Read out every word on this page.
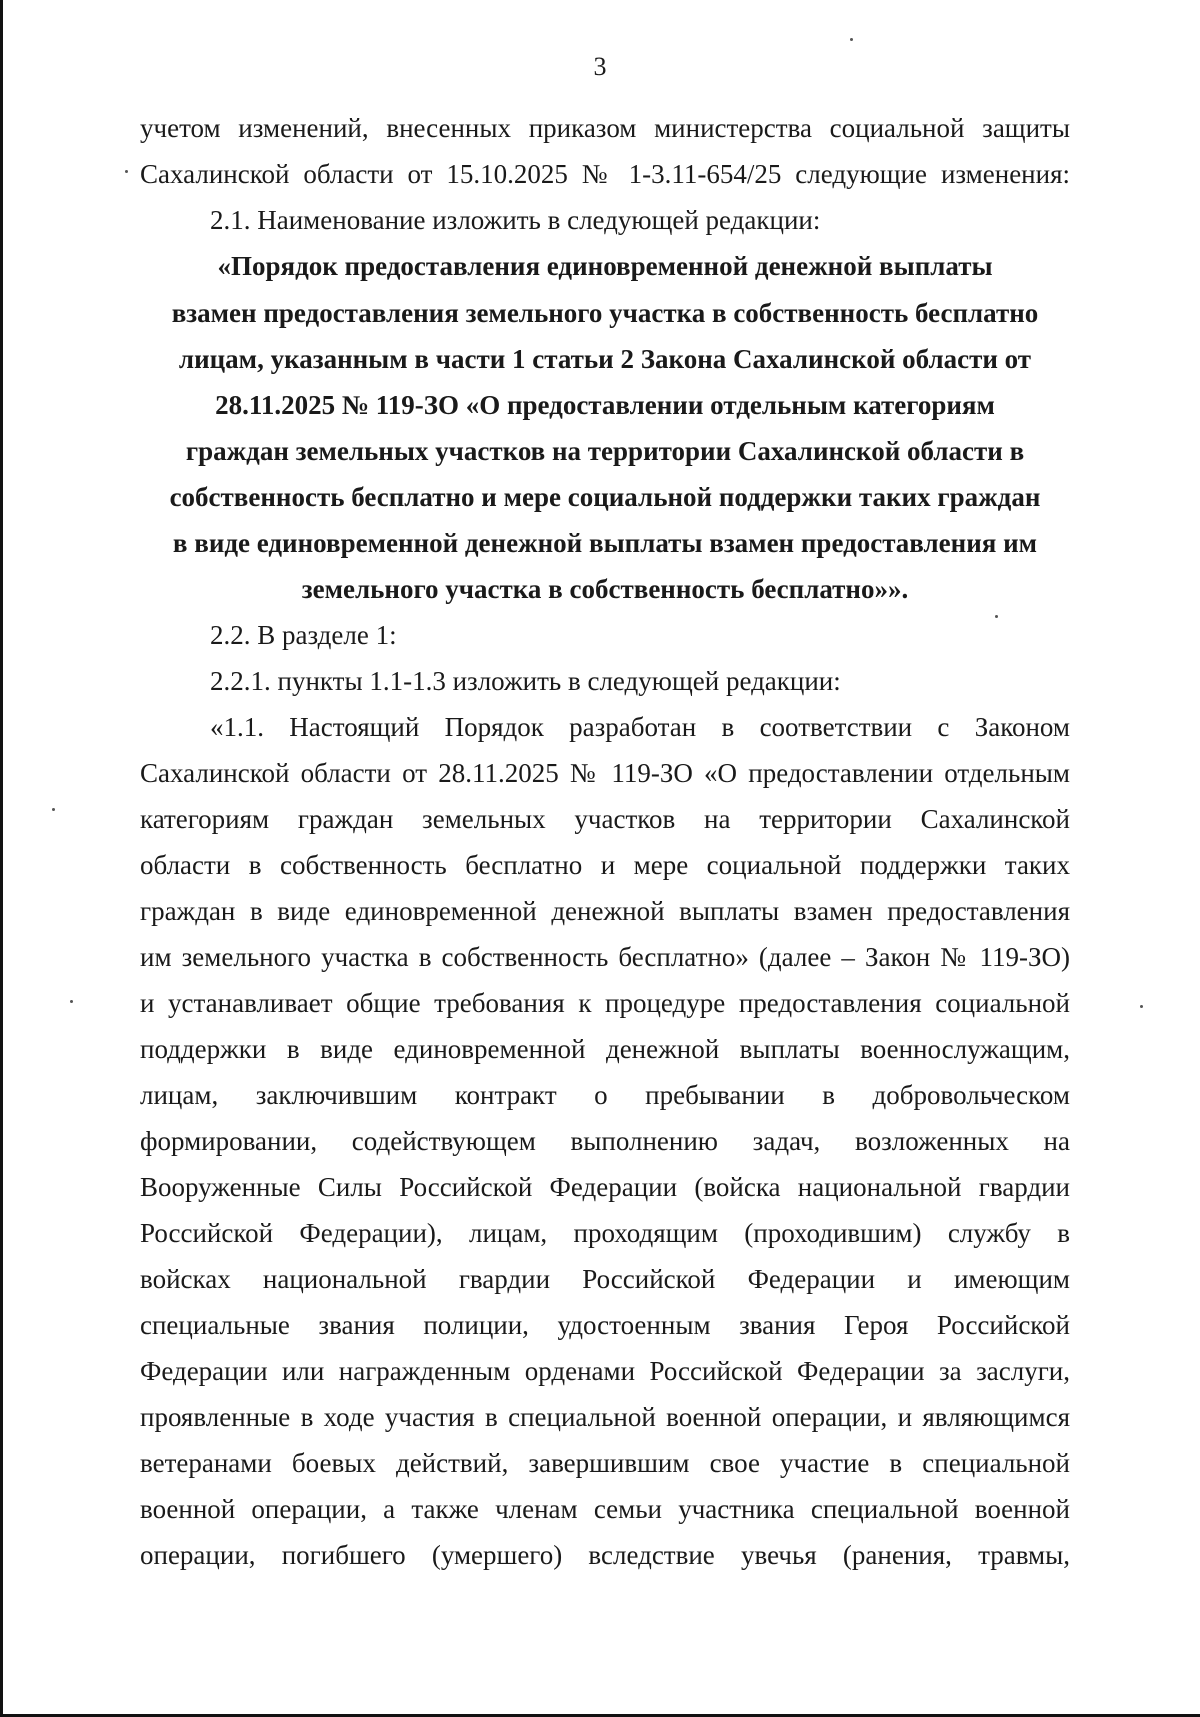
3
учетом изменений, внесенных приказом министерства социальной защиты
Сахалинской области от 15.10.2025 № 1-3.11-654/25 следующие изменения:
2.1. Наименование изложить в следующей редакции:
«Порядок предоставления единовременной денежной выплаты
взамен предоставления земельного участка в собственность бесплатно
лицам, указанным в части 1 статьи 2 Закона Сахалинской области от
28.11.2025 № 119-ЗО «О предоставлении отдельным категориям
граждан земельных участков на территории Сахалинской области в
собственность бесплатно и мере социальной поддержки таких граждан
в виде единовременной денежной выплаты взамен предоставления им
земельного участка в собственность бесплатно»».
2.2. В разделе 1:
2.2.1. пункты 1.1-1.3 изложить в следующей редакции:
«1.1. Настоящий Порядок разработан в соответствии с Законом
Сахалинской области от 28.11.2025 № 119-ЗО «О предоставлении отдельным
категориям граждан земельных участков на территории Сахалинской
области в собственность бесплатно и мере социальной поддержки таких
граждан в виде единовременной денежной выплаты взамен предоставления
им земельного участка в собственность бесплатно» (далее – Закон № 119-ЗО)
и устанавливает общие требования к процедуре предоставления социальной
поддержки в виде единовременной денежной выплаты военнослужащим,
лицам, заключившим контракт о пребывании в добровольческом
формировании, содействующем выполнению задач, возложенных на
Вооруженные Силы Российской Федерации (войска национальной гвардии
Российской Федерации), лицам, проходящим (проходившим) службу в
войсках национальной гвардии Российской Федерации и имеющим
специальные звания полиции, удостоенным звания Героя Российской
Федерации или награжденным орденами Российской Федерации за заслуги,
проявленные в ходе участия в специальной военной операции, и являющимся
ветеранами боевых действий, завершившим свое участие в специальной
военной операции, а также членам семьи участника специальной военной
операции, погибшего (умершего) вследствие увечья (ранения, травмы,
